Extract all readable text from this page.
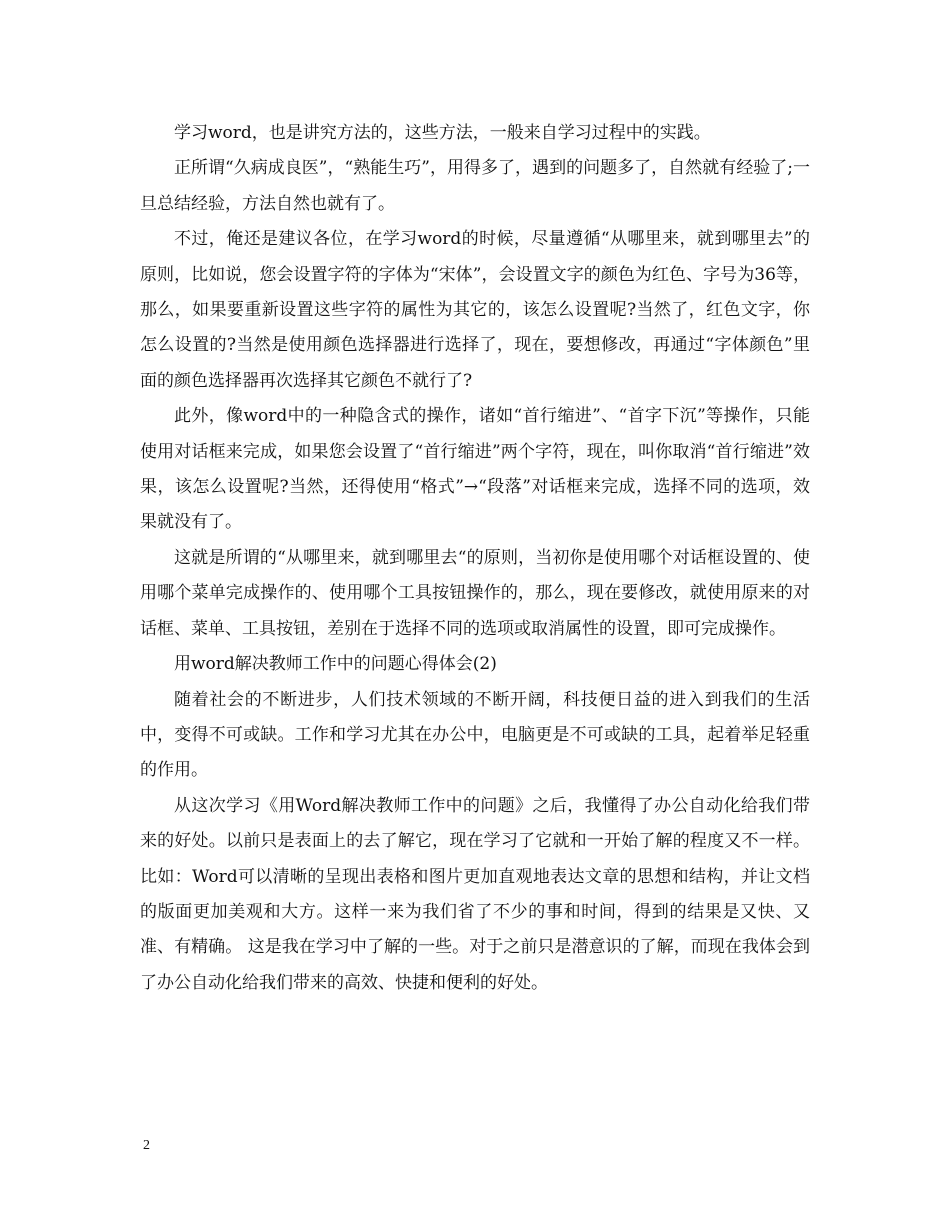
学习word，也是讲究方法的，这些方法，一般来自学习过程中的实践。

正所谓“久病成良医”，“熟能生巧”，用得多了，遇到的问题多了，自然就有经验了;一旦总结经验，方法自然也就有了。

不过，俺还是建议各位，在学习word的时候，尽量遵循“从哪里来，就到哪里去”的原则，比如说，您会设置字符的字体为“宋体”，会设置文字的颜色为红色、字号为36等，那么，如果要重新设置这些字符的属性为其它的，该怎么设置呢?当然了，红色文字，你怎么设置的?当然是使用颜色选择器进行选择了，现在，要想修改，再通过“字体颜色”里面的颜色选择器再次选择其它颜色不就行了?

此外，像word中的一种隐含式的操作，诸如“首行缩进”、“首字下沉”等操作，只能使用对话框来完成，如果您会设置了“首行缩进”两个字符，现在，叫你取消“首行缩进”效果，该怎么设置呢?当然，还得使用“格式”→“段落”对话框来完成，选择不同的选项，效果就没有了。

这就是所谓的“从哪里来，就到哪里去“的原则，当初你是使用哪个对话框设置的、使用哪个菜单完成操作的、使用哪个工具按钮操作的，那么，现在要修改，就使用原来的对话框、菜单、工具按钮，差别在于选择不同的选项或取消属性的设置，即可完成操作。

用word解决教师工作中的问题心得体会(2)

随着社会的不断进步，人们技术领域的不断开阔，科技便日益的进入到我们的生活中，变得不可或缺。工作和学习尤其在办公中，电脑更是不可或缺的工具，起着举足轻重的作用。

从这次学习《用Word解决教师工作中的问题》之后，我懂得了办公自动化给我们带来的好处。以前只是表面上的去了解它，现在学习了它就和一开始了解的程度又不一样。比如：Word可以清晰的呈现出表格和图片更加直观地表达文章的思想和结构，并让文档的版面更加美观和大方。这样一来为我们省了不少的事和时间，得到的结果是又快、又准、有精确。 这是我在学习中了解的一些。对于之前只是潜意识的了解，而现在我体会到了办公自动化给我们带来的高效、快捷和便利的好处。

2
